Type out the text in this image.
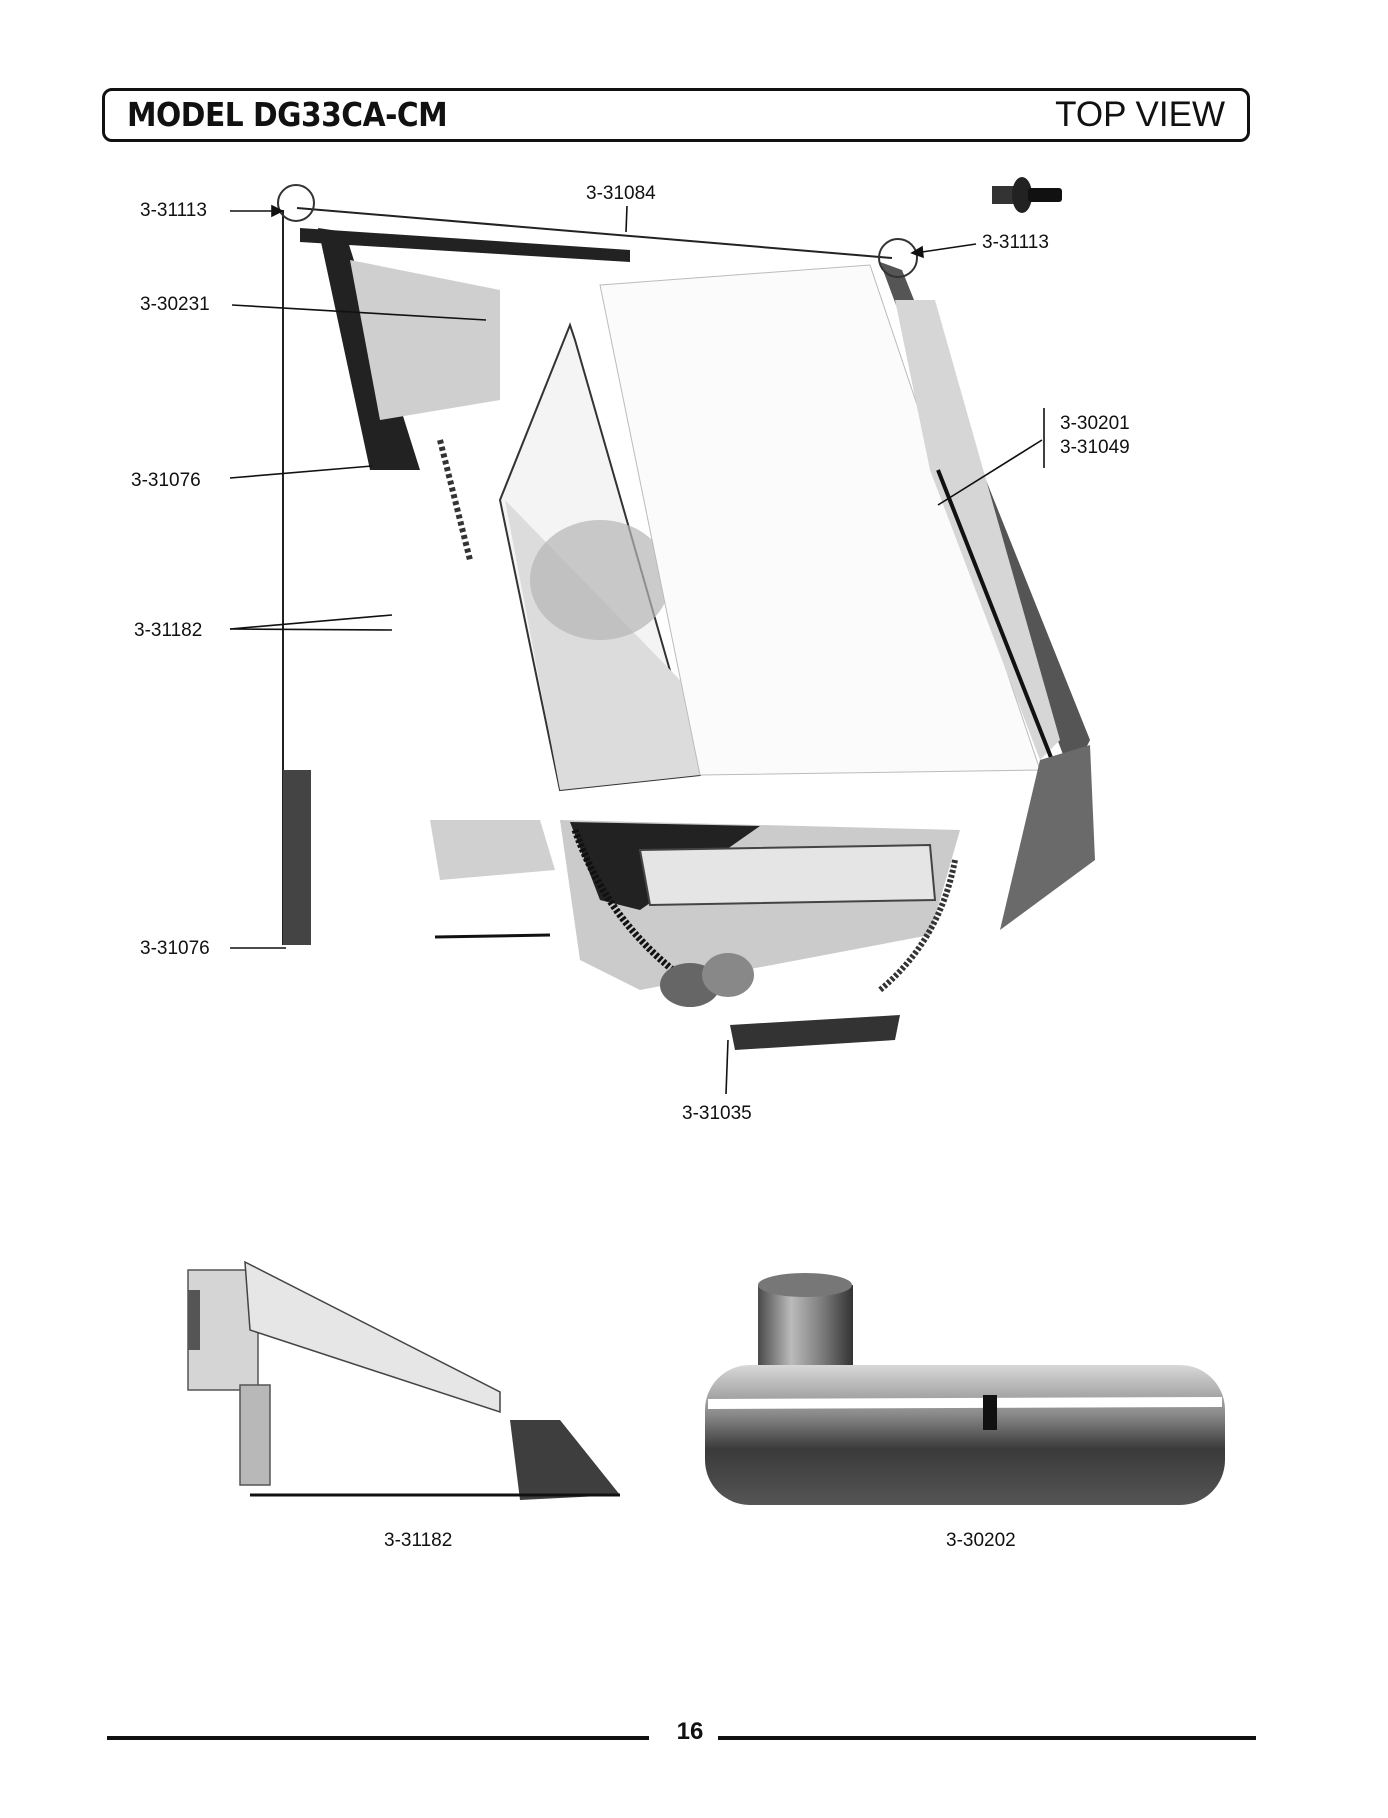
MODEL DG33CA-CM	TOP VIEW
3-31113
3-31084
3-31113
3-30231
3-30201
3-31049
3-31076
3-31182
3-31076
3-31035
3-31182	3-30202
16
